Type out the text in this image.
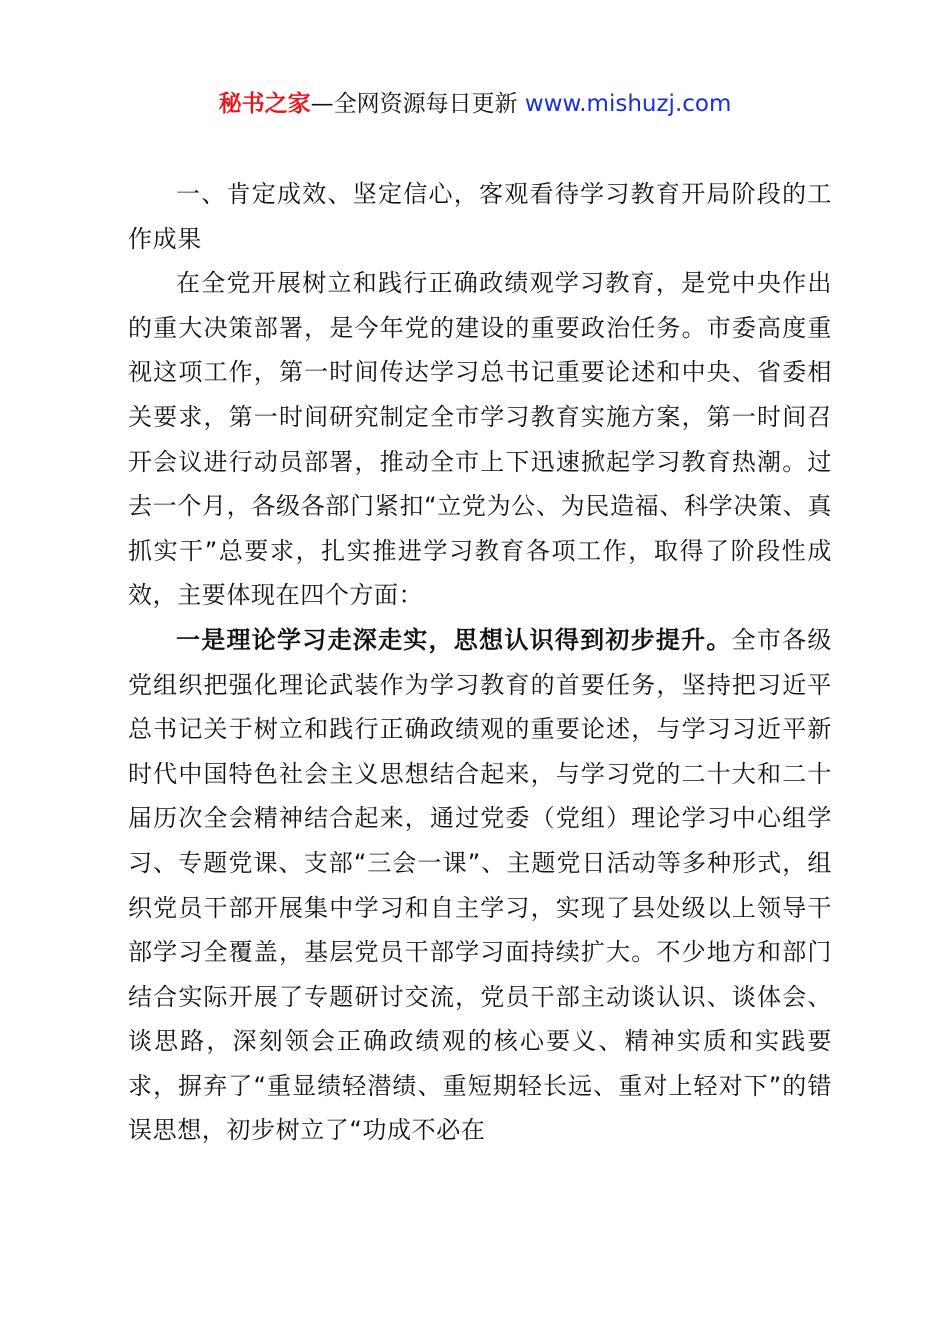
秘书之家—全网资源每日更新 www.mishuzj.com

一、肯定成效、坚定信心，客观看待学习教育开局阶段的工作成果

在全党开展树立和践行正确政绩观学习教育，是党中央作出的重大决策部署，是今年党的建设的重要政治任务。市委高度重视这项工作，第一时间传达学习总书记重要论述和中央、省委相关要求，第一时间研究制定全市学习教育实施方案，第一时间召开会议进行动员部署，推动全市上下迅速掀起学习教育热潮。过去一个月，各级各部门紧扣“立党为公、为民造福、科学决策、真抓实干”总要求，扎实推进学习教育各项工作，取得了阶段性成效，主要体现在四个方面：

一是理论学习走深走实，思想认识得到初步提升。全市各级党组织把强化理论武装作为学习教育的首要任务，坚持把习近平总书记关于树立和践行正确政绩观的重要论述，与学习习近平新时代中国特色社会主义思想结合起来，与学习党的二十大和二十届历次全会精神结合起来，通过党委（党组）理论学习中心组学习、专题党课、支部“三会一课”、主题党日活动等多种形式，组织党员干部开展集中学习和自主学习，实现了县处级以上领导干部学习全覆盖，基层党员干部学习面持续扩大。不少地方和部门结合实际开展了专题研讨交流，党员干部主动谈认识、谈体会、谈思路，深刻领会正确政绩观的核心要义、精神实质和实践要求，摒弃了“重显绩轻潜绩、重短期轻长远、重对上轻对下”的错误思想，初步树立了“功成不必在
